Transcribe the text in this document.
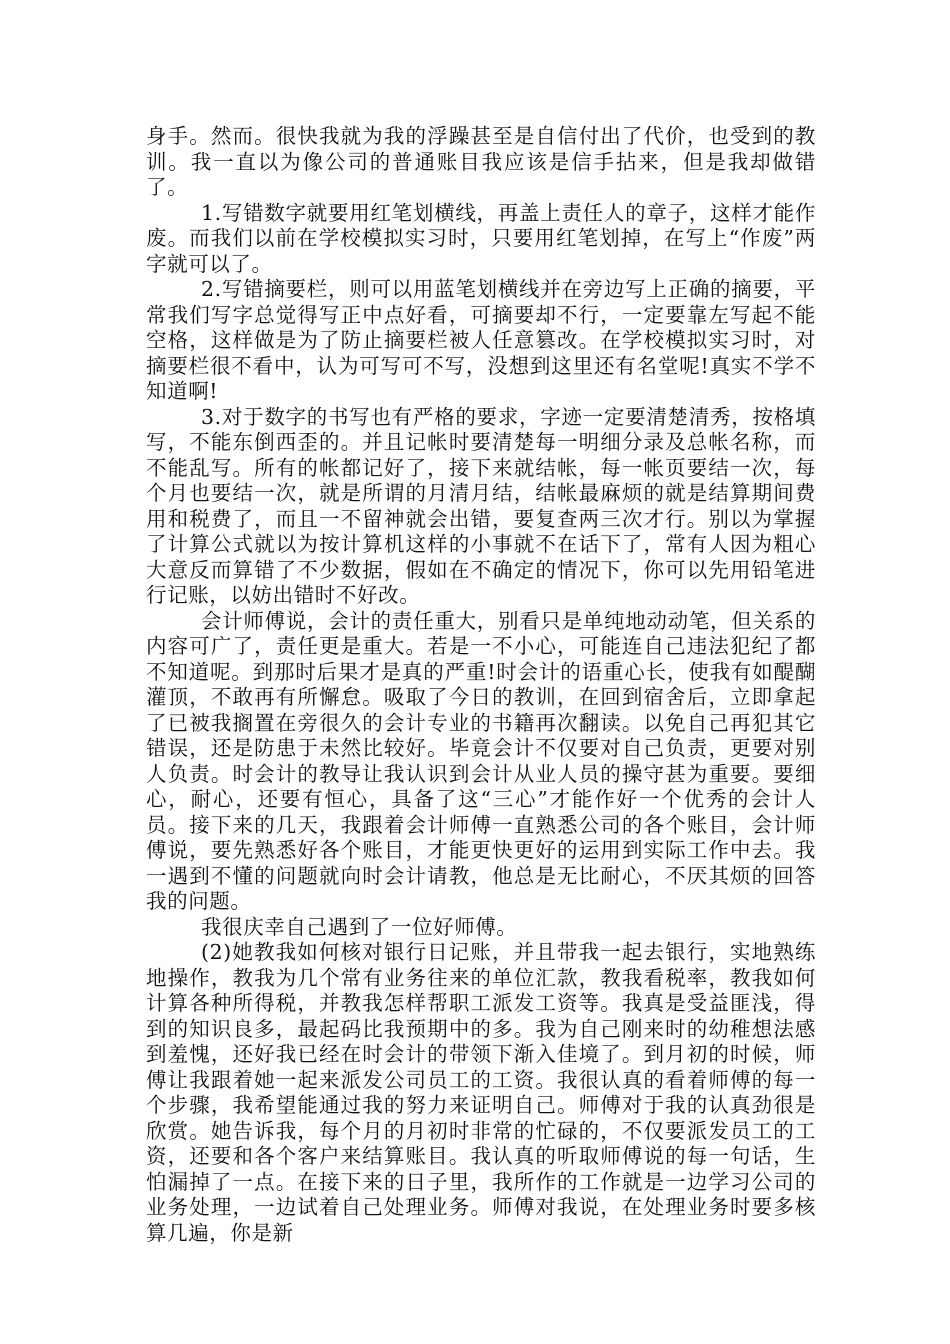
身手。然而。很快我就为我的浮躁甚至是自信付出了代价，也受到的教训。我一直以为像公司的普通账目我应该是信手拈来，但是我却做错了。

1.写错数字就要用红笔划横线，再盖上责任人的章子，这样才能作废。而我们以前在学校模拟实习时，只要用红笔划掉，在写上“作废”两字就可以了。

2.写错摘要栏，则可以用蓝笔划横线并在旁边写上正确的摘要，平常我们写字总觉得写正中点好看，可摘要却不行，一定要靠左写起不能空格，这样做是为了防止摘要栏被人任意篡改。在学校模拟实习时，对摘要栏很不看中，认为可写可不写，没想到这里还有名堂呢!真实不学不知道啊!

3.对于数字的书写也有严格的要求，字迹一定要清楚清秀，按格填写，不能东倒西歪的。并且记帐时要清楚每一明细分录及总帐名称，而不能乱写。所有的帐都记好了，接下来就结帐，每一帐页要结一次，每个月也要结一次，就是所谓的月清月结，结帐最麻烦的就是结算期间费用和税费了，而且一不留神就会出错，要复查两三次才行。别以为掌握了计算公式就以为按计算机这样的小事就不在话下了，常有人因为粗心大意反而算错了不少数据，假如在不确定的情况下，你可以先用铅笔进行记账，以妨出错时不好改。

会计师傅说，会计的责任重大，别看只是单纯地动动笔，但关系的内容可广了，责任更是重大。若是一不小心，可能连自己违法犯纪了都不知道呢。到那时后果才是真的严重!时会计的语重心长，使我有如醍醐灌顶，不敢再有所懈怠。吸取了今日的教训，在回到宿舍后，立即拿起了已被我搁置在旁很久的会计专业的书籍再次翻读。以免自己再犯其它错误，还是防患于未然比较好。毕竟会计不仅要对自己负责，更要对别人负责。时会计的教导让我认识到会计从业人员的操守甚为重要。要细心，耐心，还要有恒心，具备了这“三心”才能作好一个优秀的会计人员。接下来的几天，我跟着会计师傅一直熟悉公司的各个账目，会计师傅说，要先熟悉好各个账目，才能更快更好的运用到实际工作中去。我一遇到不懂的问题就向时会计请教，他总是无比耐心，不厌其烦的回答我的问题。

我很庆幸自己遇到了一位好师傅。

(2)她教我如何核对银行日记账，并且带我一起去银行，实地熟练地操作，教我为几个常有业务往来的单位汇款，教我看税率，教我如何计算各种所得税，并教我怎样帮职工派发工资等。我真是受益匪浅，得到的知识良多，最起码比我预期中的多。我为自己刚来时的幼稚想法感到羞愧，还好我已经在时会计的带领下渐入佳境了。到月初的时候，师傅让我跟着她一起来派发公司员工的工资。我很认真的看着师傅的每一个步骤，我希望能通过我的努力来证明自己。师傅对于我的认真劲很是欣赏。她告诉我，每个月的月初时非常的忙碌的，不仅要派发员工的工资，还要和各个客户来结算账目。我认真的听取师傅说的每一句话，生怕漏掉了一点。在接下来的日子里，我所作的工作就是一边学习公司的业务处理，一边试着自己处理业务。师傅对我说，在处理业务时要多核算几遍，你是新
